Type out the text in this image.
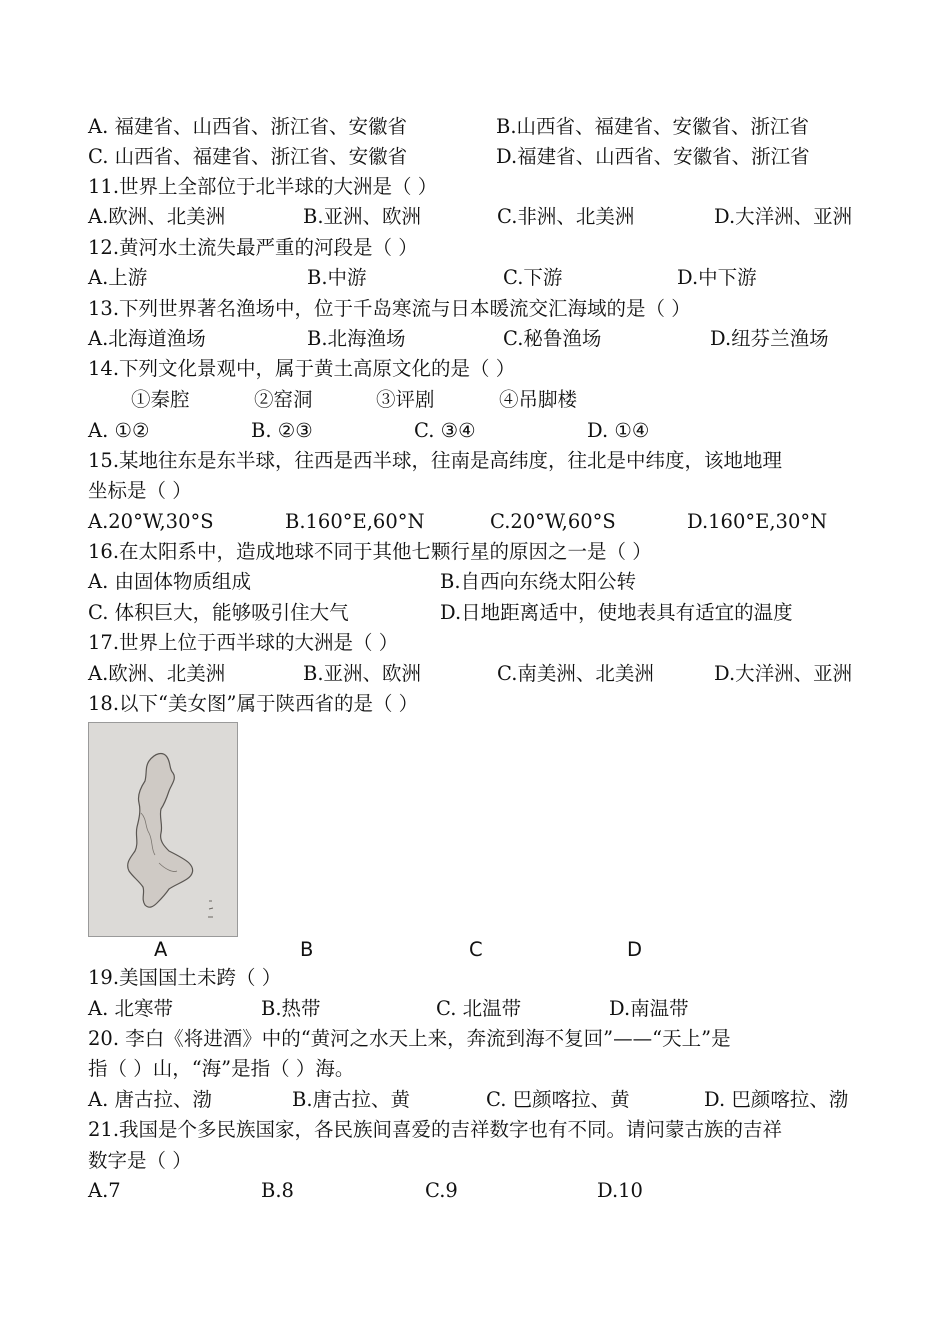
A. 福建省、山西省、浙江省、安徽省	B.山西省、福建省、安徽省、浙江省
C. 山西省、福建省、浙江省、安徽省	D.福建省、山西省、安徽省、浙江省
11.世界上全部位于北半球的大洲是（ ）
A.欧洲、北美洲	B.亚洲、欧洲	C.非洲、北美洲	D.大洋洲、亚洲
12.黄河水土流失最严重的河段是（ ）
A.上游	B.中游	C.下游	D.中下游
13.下列世界著名渔场中，位于千岛寒流与日本暖流交汇海域的是（ ）
A.北海道渔场	B.北海渔场	C.秘鲁渔场	D.纽芬兰渔场
14.下列文化景观中，属于黄土高原文化的是（ ）
①秦腔	②窑洞	③评剧	④吊脚楼
A. ①②	B. ②③	C. ③④	D. ①④
15.某地往东是东半球，往西是西半球，往南是高纬度，往北是中纬度，该地地理
坐标是（ ）
A.20°W,30°S	B.160°E,60°N	C.20°W,60°S	D.160°E,30°N
16.在太阳系中，造成地球不同于其他七颗行星的原因之一是（ ）
A. 由固体物质组成	B.自西向东绕太阳公转
C. 体积巨大，能够吸引住大气	D.日地距离适中，使地表具有适宜的温度
17.世界上位于西半球的大洲是（ ）
A.欧洲、北美洲	B.亚洲、欧洲	C.南美洲、北美洲	D.大洋洲、亚洲
18.以下“美女图”属于陕西省的是（ ）
A	B	C	D
19.美国国土未跨（ ）
A. 北寒带	B.热带	C. 北温带	D.南温带
20. 李白《将进酒》中的“黄河之水天上来，奔流到海不复回”——“天上”是
指（ ）山，“海”是指（ ）海。
A. 唐古拉、渤	B.唐古拉、黄	C. 巴颜喀拉、黄	D. 巴颜喀拉、渤
21.我国是个多民族国家，各民族间喜爱的吉祥数字也有不同。请问蒙古族的吉祥
数字是（ ）
A.7	B.8	C.9	D.10
